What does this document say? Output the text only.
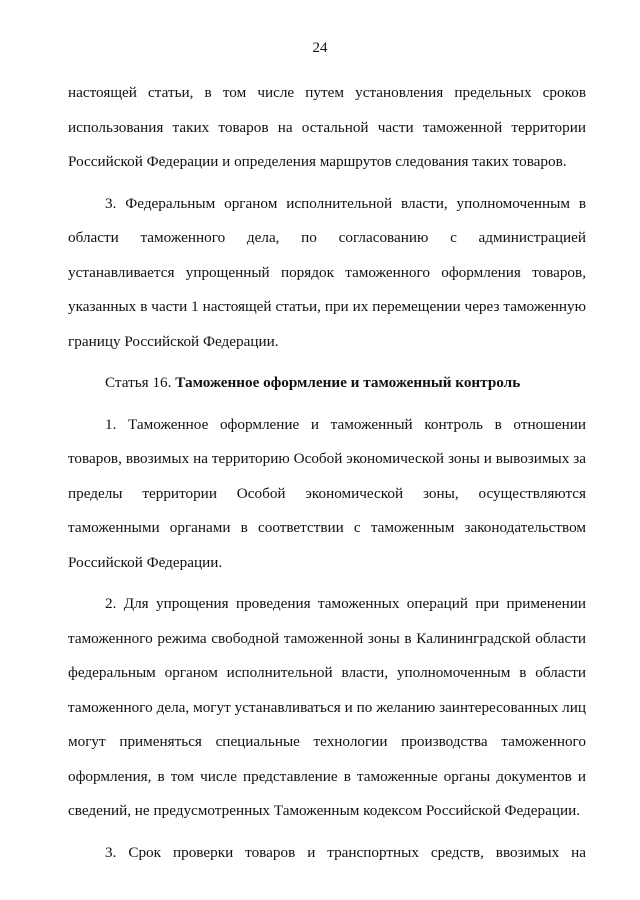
24

настоящей статьи, в том числе путем установления предельных сроков использования таких товаров на остальной части таможенной территории Российской Федерации и определения маршрутов следования таких товаров.

3. Федеральным органом исполнительной власти, уполномоченным в области таможенного дела, по согласованию с администрацией устанавливается упрощенный порядок таможенного оформления товаров, указанных в части 1 настоящей статьи, при их перемещении через таможенную границу Российской Федерации.

Статья 16. Таможенное оформление и таможенный контроль

1. Таможенное оформление и таможенный контроль в отношении товаров, ввозимых на территорию Особой экономической зоны и вывозимых за пределы территории Особой экономической зоны, осуществляются таможенными органами в соответствии с таможенным законодательством Российской Федерации.

2. Для упрощения проведения таможенных операций при применении таможенного режима свободной таможенной зоны в Калининградской области федеральным органом исполнительной власти, уполномоченным в области таможенного дела, могут устанавливаться и по желанию заинтересованных лиц могут применяться специальные технологии производства таможенного оформления, в том числе представление в таможенные органы документов и сведений, не предусмотренных Таможенным кодексом Российской Федерации.

3. Срок проверки товаров и транспортных средств, ввозимых на
